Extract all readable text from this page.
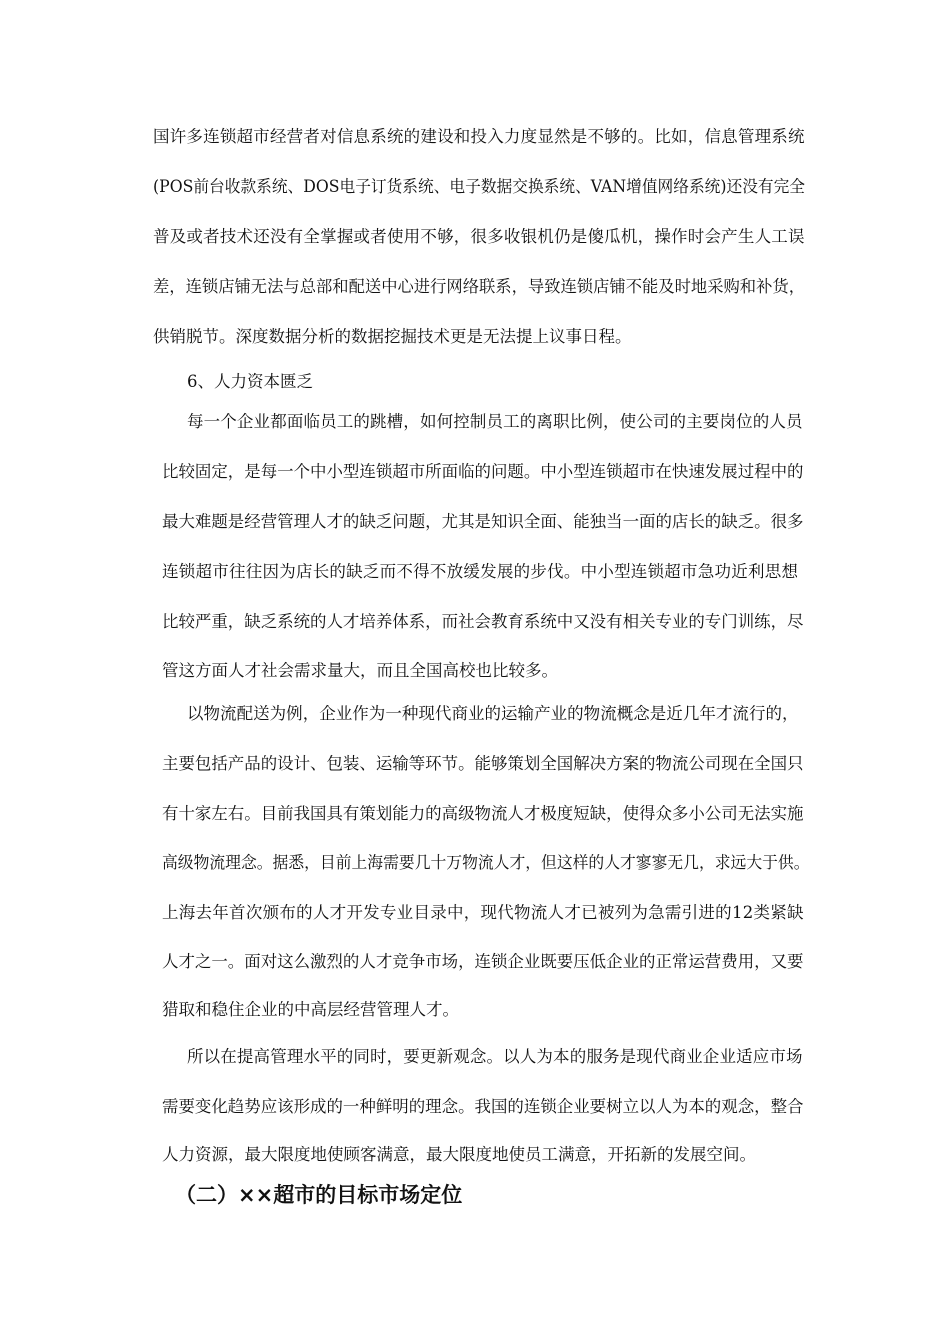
国许多连锁超市经营者对信息系统的建设和投入力度显然是不够的。比如，信息管理系统
(POS前台收款系统、DOS电子订货系统、电子数据交换系统、VAN增值网络系统)还没有完全
普及或者技术还没有全掌握或者使用不够，很多收银机仍是傻瓜机，操作时会产生人工误
差，连锁店铺无法与总部和配送中心进行网络联系，导致连锁店铺不能及时地采购和补货，
供销脱节。深度数据分析的数据挖掘技术更是无法提上议事日程。
6、人力资本匮乏
每一个企业都面临员工的跳槽，如何控制员工的离职比例，使公司的主要岗位的人员
比较固定，是每一个中小型连锁超市所面临的问题。中小型连锁超市在快速发展过程中的
最大难题是经营管理人才的缺乏问题，尤其是知识全面、能独当一面的店长的缺乏。很多
连锁超市往往因为店长的缺乏而不得不放缓发展的步伐。中小型连锁超市急功近利思想
比较严重，缺乏系统的人才培养体系，而社会教育系统中又没有相关专业的专门训练，尽
管这方面人才社会需求量大，而且全国高校也比较多。
以物流配送为例，企业作为一种现代商业的运输产业的物流概念是近几年才流行的，
主要包括产品的设计、包装、运输等环节。能够策划全国解决方案的物流公司现在全国只
有十家左右。目前我国具有策划能力的高级物流人才极度短缺，使得众多小公司无法实施
高级物流理念。据悉，目前上海需要几十万物流人才，但这样的人才寥寥无几，求远大于供。
上海去年首次颁布的人才开发专业目录中，现代物流人才已被列为急需引进的12类紧缺
人才之一。面对这么激烈的人才竞争市场，连锁企业既要压低企业的正常运营费用，又要
猎取和稳住企业的中高层经营管理人才。
所以在提高管理水平的同时，要更新观念。以人为本的服务是现代商业企业适应市场
需要变化趋势应该形成的一种鲜明的理念。我国的连锁企业要树立以人为本的观念，整合
人力资源，最大限度地使顾客满意，最大限度地使员工满意，开拓新的发展空间。
（二）××超市的目标市场定位
